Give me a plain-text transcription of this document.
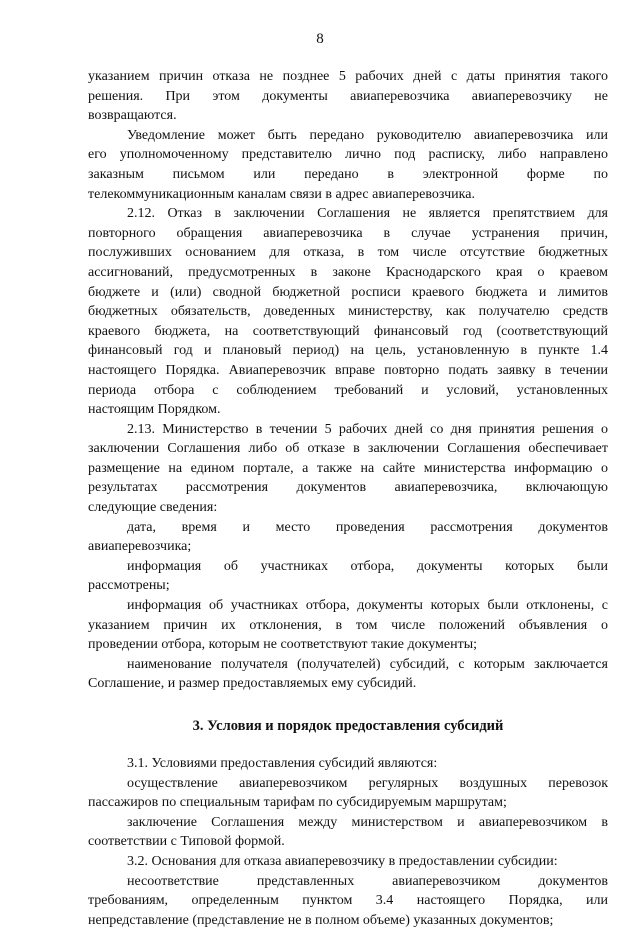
8
указанием причин отказа не позднее 5 рабочих дней с даты принятия такого
решения. При этом документы авиаперевозчика авиаперевозчику не
возвращаются.
Уведомление может быть передано руководителю авиаперевозчика или
его уполномоченному представителю лично под расписку, либо направлено
заказным письмом или передано в электронной форме по
телекоммуникационным каналам связи в адрес авиаперевозчика.
2.12. Отказ в заключении Соглашения не является препятствием для
повторного обращения авиаперевозчика в случае устранения причин,
послуживших основанием для отказа, в том числе отсутствие бюджетных
ассигнований, предусмотренных в законе Краснодарского края о краевом
бюджете и (или) сводной бюджетной росписи краевого бюджета и лимитов
бюджетных обязательств, доведенных министерству, как получателю средств
краевого бюджета, на соответствующий финансовый год (соответствующий
финансовый год и плановый период) на цель, установленную в пункте 1.4
настоящего Порядка. Авиаперевозчик вправе повторно подать заявку в течении
периода отбора с соблюдением требований и условий, установленных
настоящим Порядком.
2.13. Министерство в течении 5 рабочих дней со дня принятия решения о
заключении Соглашения либо об отказе в заключении Соглашения обеспечивает
размещение на едином портале, а также на сайте министерства информацию о
результатах рассмотрения документов авиаперевозчика, включающую
следующие сведения:
дата, время и место проведения рассмотрения документов
авиаперевозчика;
информация об участниках отбора, документы которых были
рассмотрены;
информация об участниках отбора, документы которых были отклонены, с
указанием причин их отклонения, в том числе положений объявления о
проведении отбора, которым не соответствуют такие документы;
наименование получателя (получателей) субсидий, с которым заключается
Соглашение, и размер предоставляемых ему субсидий.
3. Условия и порядок предоставления субсидий
3.1. Условиями предоставления субсидий являются:
осуществление авиаперевозчиком регулярных воздушных перевозок
пассажиров по специальным тарифам по субсидируемым маршрутам;
заключение Соглашения между министерством и авиаперевозчиком в
соответствии с Типовой формой.
3.2. Основания для отказа авиаперевозчику в предоставлении субсидии:
несоответствие представленных авиаперевозчиком документов
требованиям, определенным пунктом 3.4 настоящего Порядка, или
непредставление (представление не в полном объеме) указанных документов;
